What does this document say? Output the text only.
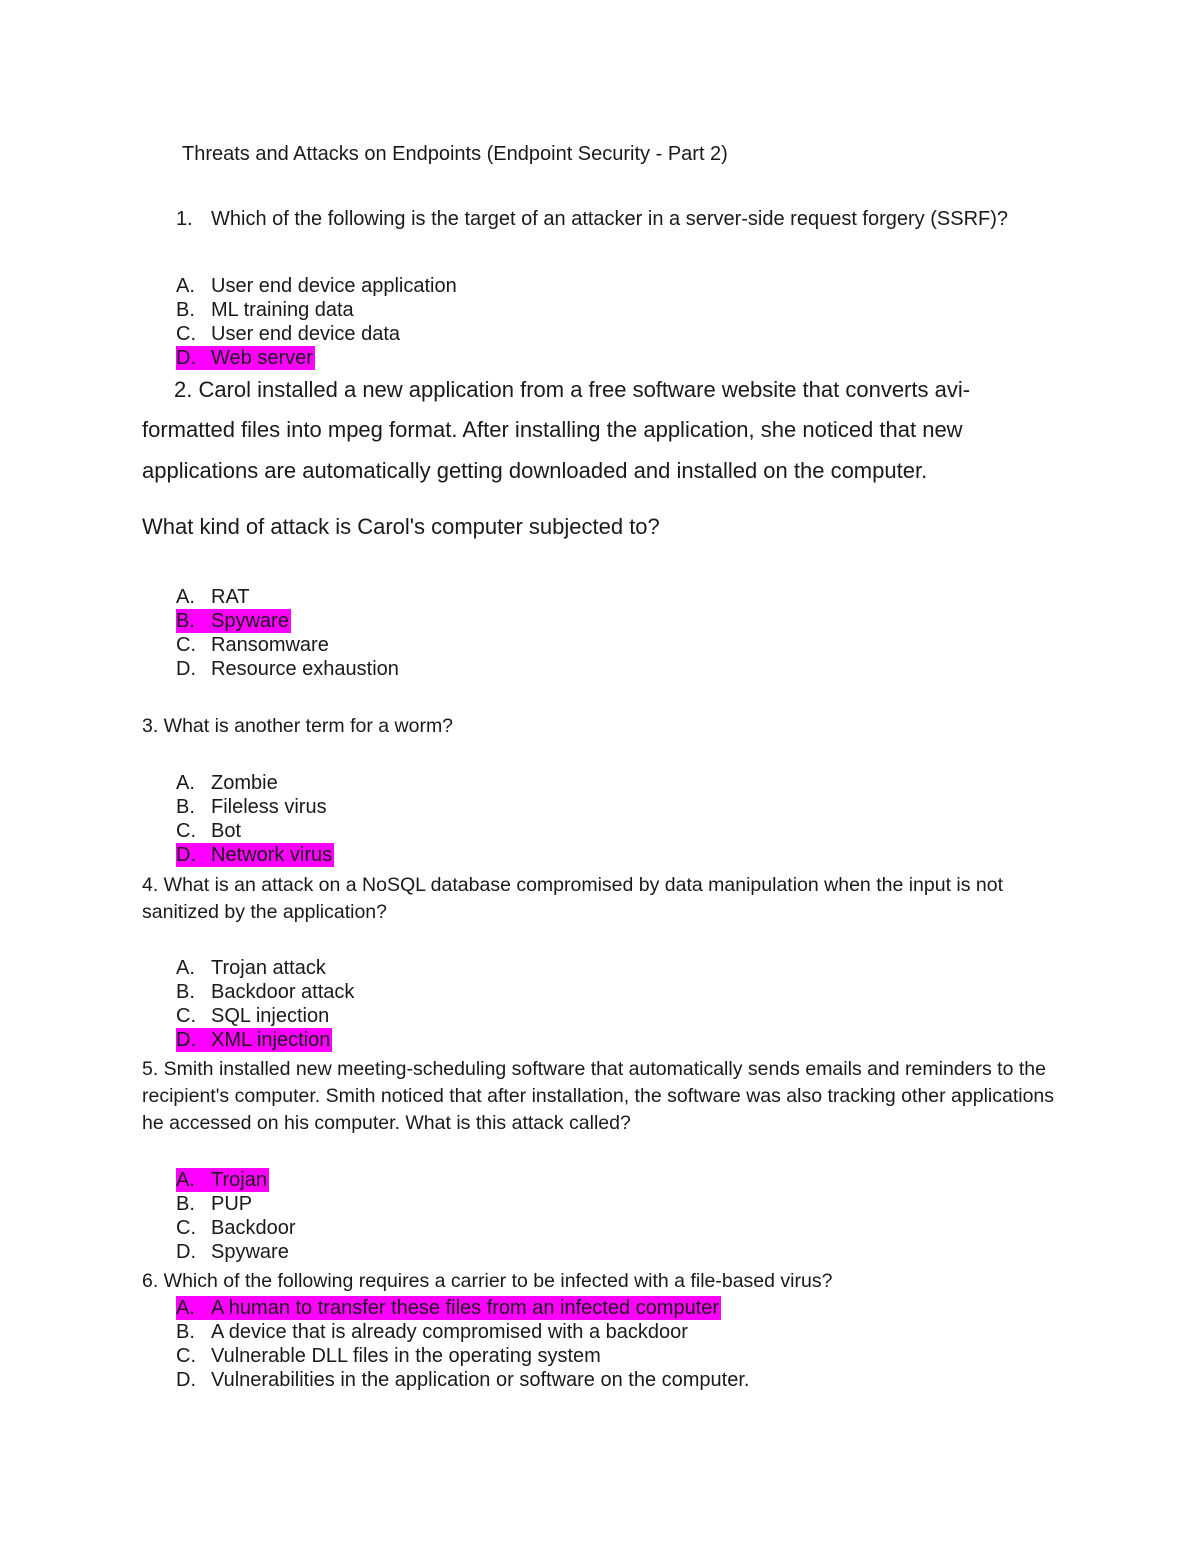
Threats and Attacks on Endpoints (Endpoint Security - Part 2)
1. Which of the following is the target of an attacker in a server-side request forgery (SSRF)?
A. User end device application
B. ML training data
C. User end device data
D. Web server
2. Carol installed a new application from a free software website that converts avi-
formatted files into mpeg format. After installing the application, she noticed that new
applications are automatically getting downloaded and installed on the computer.
What kind of attack is Carol's computer subjected to?
A. RAT
B. Spyware
C. Ransomware
D. Resource exhaustion
3. What is another term for a worm?
A. Zombie
B. Fileless virus
C. Bot
D. Network virus
4. What is an attack on a NoSQL database compromised by data manipulation when the input is not sanitized by the application?
A. Trojan attack
B. Backdoor attack
C. SQL injection
D. XML injection
5. Smith installed new meeting-scheduling software that automatically sends emails and reminders to the recipient's computer. Smith noticed that after installation, the software was also tracking other applications he accessed on his computer. What is this attack called?
A. Trojan
B. PUP
C. Backdoor
D. Spyware
6. Which of the following requires a carrier to be infected with a file-based virus?
A. A human to transfer these files from an infected computer
B. A device that is already compromised with a backdoor
C. Vulnerable DLL files in the operating system
D. Vulnerabilities in the application or software on the computer.
